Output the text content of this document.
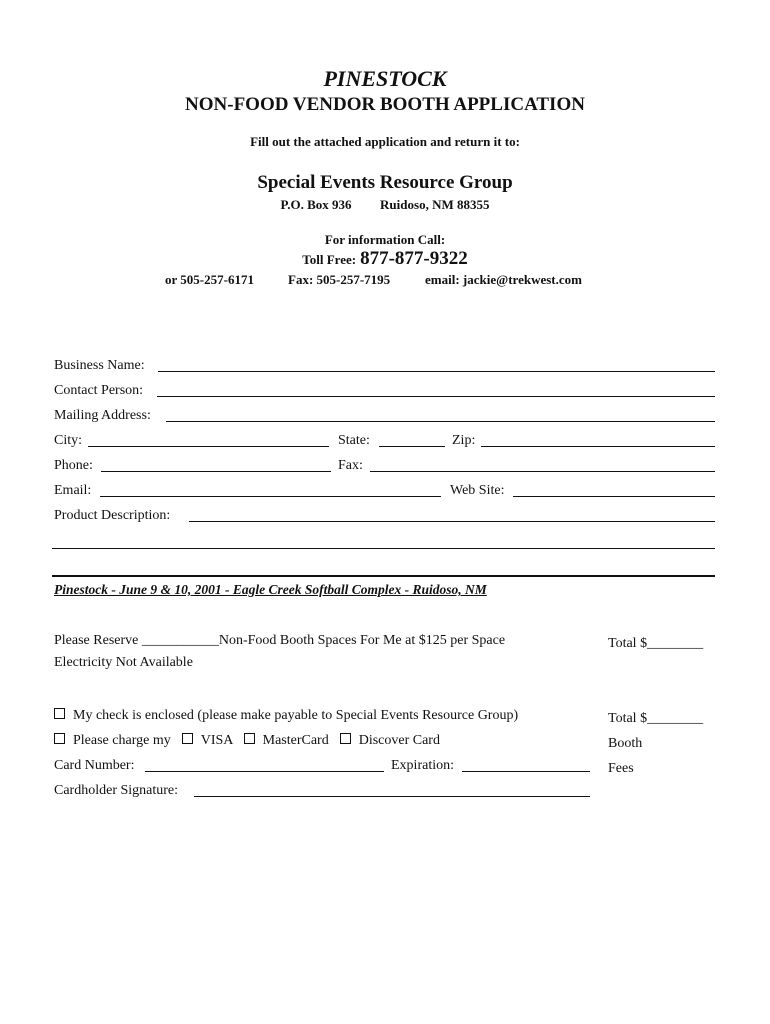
PINESTOCK
NON-FOOD VENDOR BOOTH APPLICATION
Fill out the attached application and return it to:
Special Events Resource Group
P.O. Box 936 Ruidoso, NM 88355
For information Call:
Toll Free: 877-877-9322
or 505-257-6171	Fax: 505-257-7195	email: jackie@trekwest.com
Business Name:
Contact Person:
Mailing Address:
City:	State:	Zip:
Phone:	Fax:
Email:	Web Site:
Product Description:
Pinestock - June 9 & 10, 2001 - Eagle Creek Softball Complex - Ruidoso, NM
Please Reserve ___________Non-Food Booth Spaces For Me at $125 per Space
Electricity Not Available
Total $________
My check is enclosed (please make payable to Special Events Resource Group)	Total $________
Please charge my VISA MasterCard Discover Card	Booth
Card Number:	Expiration:	Fees
Cardholder Signature:
